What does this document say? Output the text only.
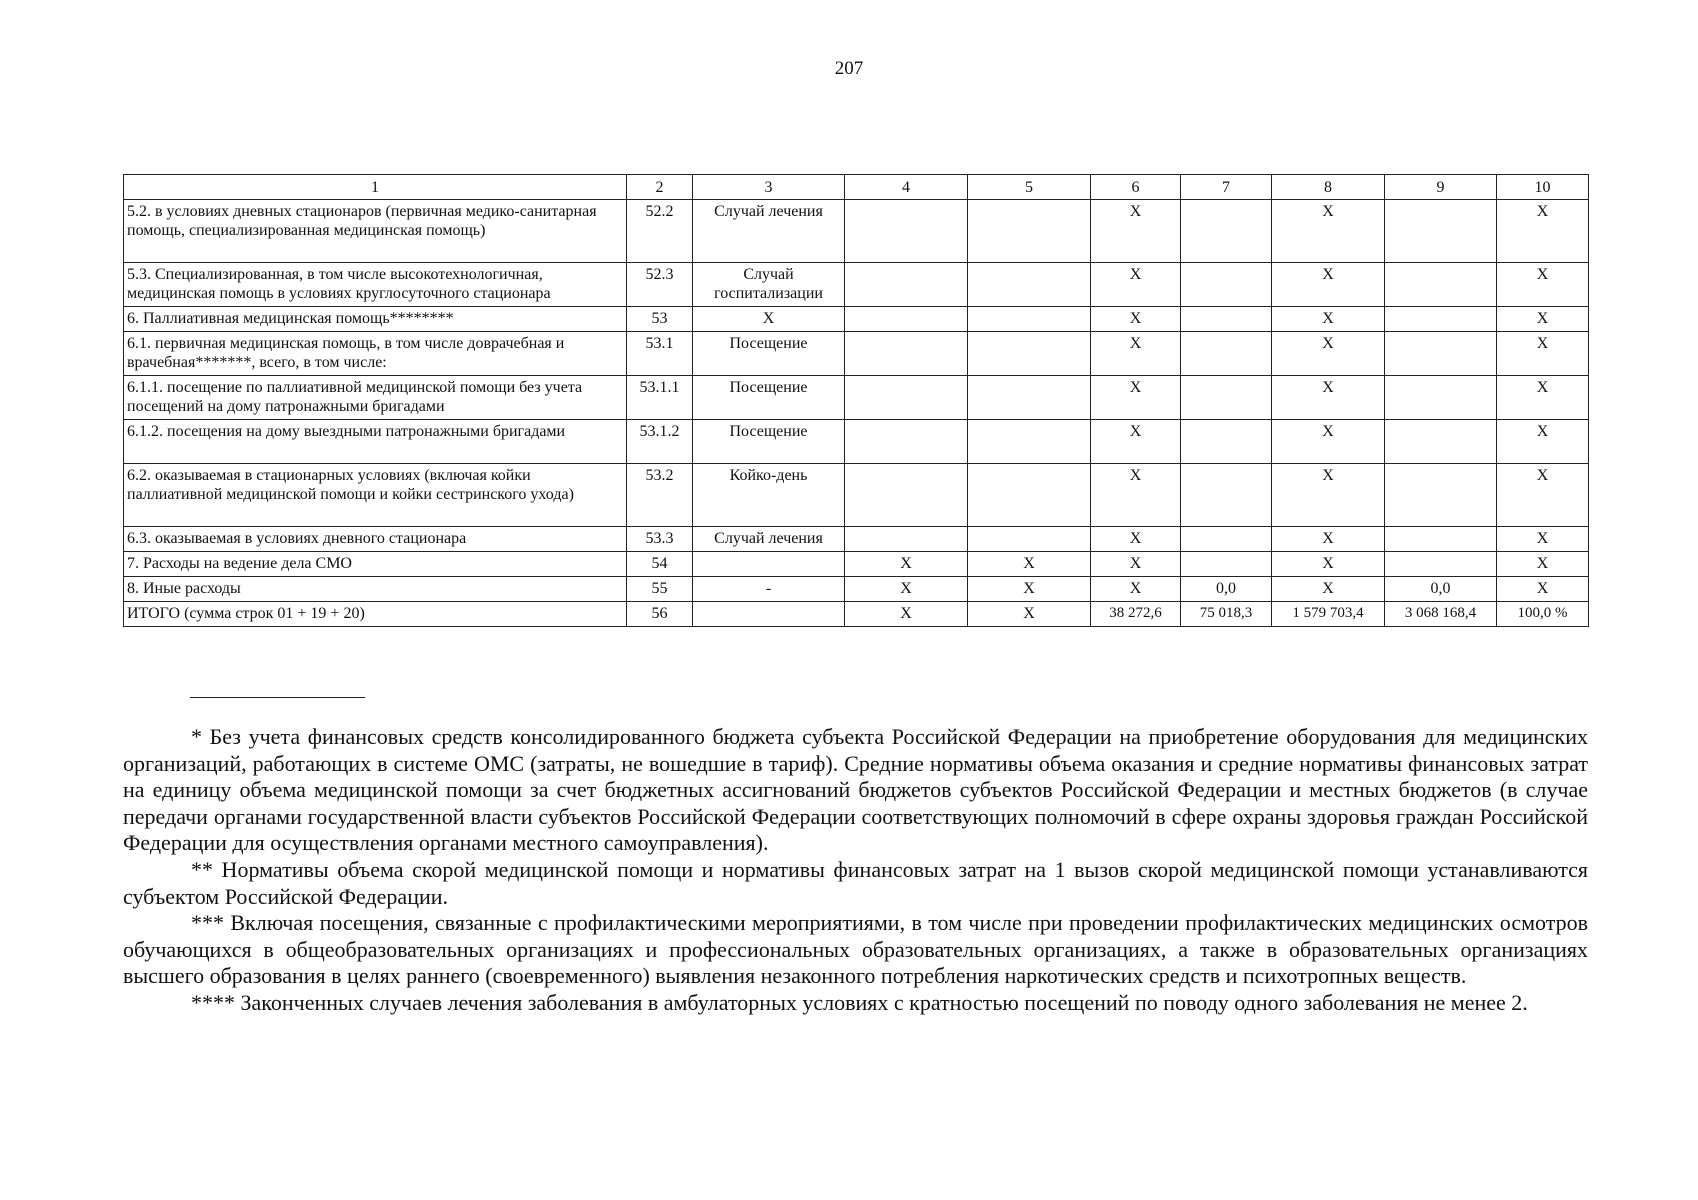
207
1	2	3	4	5	6	7	8	9	10
5.2. в условиях дневных стационаров (первичная медико-санитарная помощь, специализированная медицинская помощь)	52.2	Случай лечения			Х		Х		Х
5.3. Специализированная, в том числе высокотехнологичная, медицинская помощь в условиях круглосуточного стационара	52.3	Случай госпитализации			Х		Х		Х
6. Паллиативная медицинская помощь********	53	Х			Х		Х		Х
6.1. первичная медицинская помощь, в том числе доврачебная и врачебная*******, всего, в том числе:	53.1	Посещение			Х		Х		Х
6.1.1. посещение по паллиативной медицинской помощи без учета посещений на дому патронажными бригадами	53.1.1	Посещение			Х		Х		Х
6.1.2. посещения на дому выездными патронажными бригадами	53.1.2	Посещение			Х		Х		Х
6.2. оказываемая в стационарных условиях (включая койки паллиативной медицинской помощи и койки сестринского ухода)	53.2	Койко-день			Х		Х		Х
6.3. оказываемая в условиях дневного стационара	53.3	Случай лечения			Х		Х		Х
7. Расходы на ведение дела СМО	54		Х	Х	Х		Х		Х
8. Иные расходы	55	-	Х	Х	Х	0,0	Х	0,0	Х
ИТОГО (сумма строк 01 + 19 + 20)	56		Х	Х	38 272,6	75 018,3	1 579 703,4	3 068 168,4	100,0 %

* Без учета финансовых средств консолидированного бюджета субъекта Российской Федерации на приобретение оборудования для медицинских организаций, работающих в системе ОМС (затраты, не вошедшие в тариф). Средние нормативы объема оказания и средние нормативы финансовых затрат на единицу объема медицинской помощи за счет бюджетных ассигнований бюджетов субъектов Российской Федерации и местных бюджетов (в случае передачи органами государственной власти субъектов Российской Федерации соответствующих полномочий в сфере охраны здоровья граждан Российской Федерации для осуществления органами местного самоуправления).

** Нормативы объема скорой медицинской помощи и нормативы финансовых затрат на 1 вызов скорой медицинской помощи устанавливаются субъектом Российской Федерации.

*** Включая посещения, связанные с профилактическими мероприятиями, в том числе при проведении профилактических медицинских осмотров обучающихся в общеобразовательных организациях и профессиональных образовательных организациях, а также в образовательных организациях высшего образования в целях раннего (своевременного) выявления незаконного потребления наркотических средств и психотропных веществ.

**** Законченных случаев лечения заболевания в амбулаторных условиях с кратностью посещений по поводу одного заболевания не менее 2.
